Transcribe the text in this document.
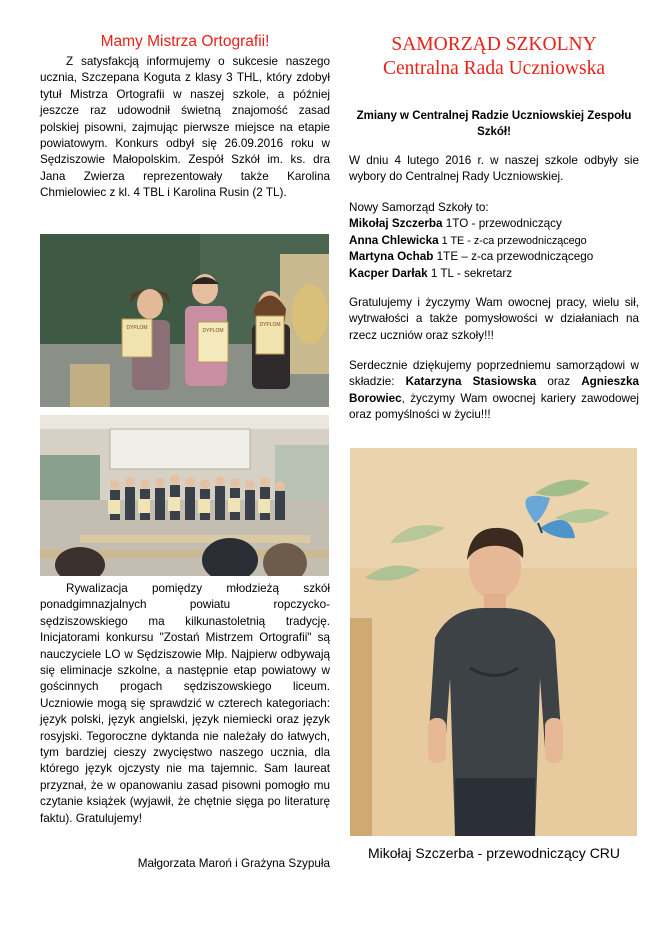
Mamy Mistrza Ortografii!

Z satysfakcją informujemy o sukcesie naszego ucznia, Szczepana Koguta z klasy 3 THL, który zdobył tytuł Mistrza Ortografii w naszej szkole, a później jeszcze raz udowodnił świetną znajomość zasad polskiej pisowni, zajmując pierwsze miejsce na etapie powiatowym. Konkurs odbył się 26.09.2016 roku w Sędziszowie Małopolskim. Zespół Szkół im. ks. dra Jana Zwierza reprezentowały także Karolina Chmielowiec z kl. 4 TBL i Karolina Rusin (2 TL).

DYPLOM	DYPLOM
DYPLOM

Rywalizacja pomiędzy młodzieżą szkół ponadgimnazjalnych powiatu ropczycko-sędziszowskiego ma kilkunastoletnią tradycję. Inicjatorami konkursu "Zostań Mistrzem Ortografii" są nauczyciele LO w Sędziszowie Młp. Najpierw odbywają się eliminacje szkolne, a następnie etap powiatowy w gościnnych progach sędziszowskiego liceum. Uczniowie mogą się sprawdzić w czterech kategoriach: język polski, język angielski, język niemiecki oraz język rosyjski. Tegoroczne dyktanda nie należały do łatwych, tym bardziej cieszy zwycięstwo naszego ucznia, dla którego język ojczysty nie ma tajemnic. Sam laureat przyznał, że w opanowaniu zasad pisowni pomogło mu czytanie książek (wyjawił, że chętnie sięga po literaturę faktu). Gratulujemy!

Małgorzata Maroń i Grażyna Szypuła
SAMORZĄD SZKOLNY
Centralna Rada Uczniowska
Zmiany w Centralnej Radzie Uczniowskiej Zespołu Szkół!

W dniu 4 lutego 2016 r. w naszej szkole odbyły sie wybory do Centralnej Rady Uczniowskiej.

Nowy Samorząd Szkoły to:
Mikołaj Szczerba 1TO - przewodniczący
Anna Chlewicka 1 TE - z-ca przewodniczącego
Martyna Ochab 1TE – z-ca przewodniczącego
Kacper Darłak 1 TL - sekretarz

Gratulujemy i życzymy Wam owocnej pracy, wielu sił, wytrwałości a także pomysłowości w działaniach na rzecz uczniów oraz szkoły!!!

Serdecznie dziękujemy poprzedniemu samorządowi w składzie: Katarzyna Stasiowska oraz Agnieszka Borowiec, życzymy Wam owocnej kariery zawodowej oraz pomyślności w życiu!!!

Mikołaj Szczerba - przewodniczący CRU
